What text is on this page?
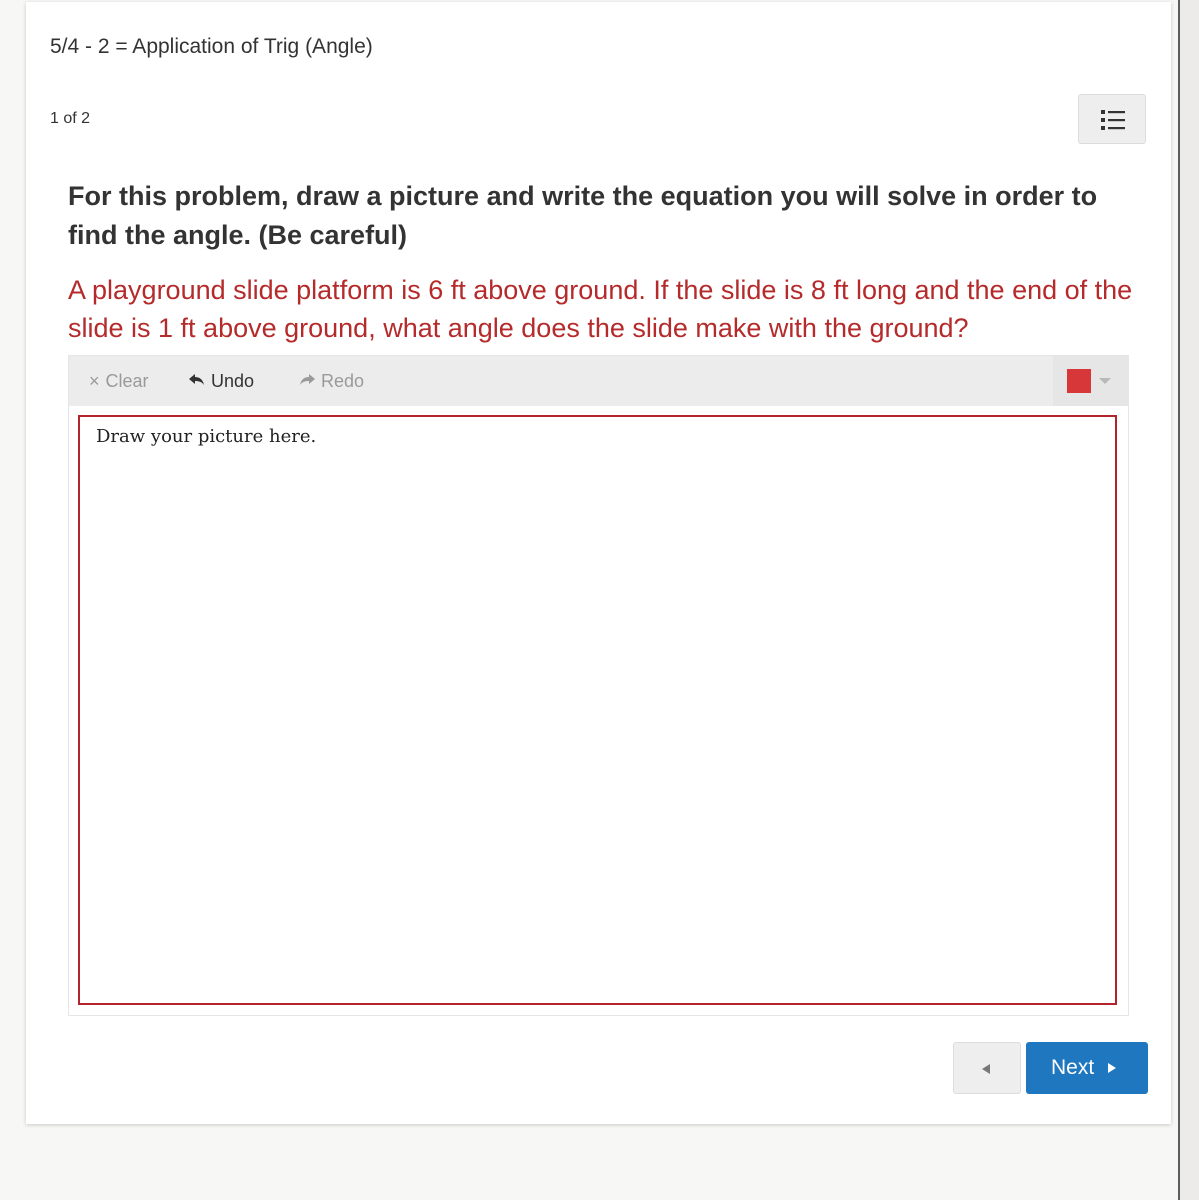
5/4 - 2 = Application of Trig (Angle)
1 of 2
For this problem, draw a picture and write the equation you will solve in order to find the angle. (Be careful)
A playground slide platform is 6 ft above ground. If the slide is 8 ft long and the end of the slide is 1 ft above ground, what angle does the slide make with the ground?
× Clear	Undo	Redo
Draw your picture here.
Next
